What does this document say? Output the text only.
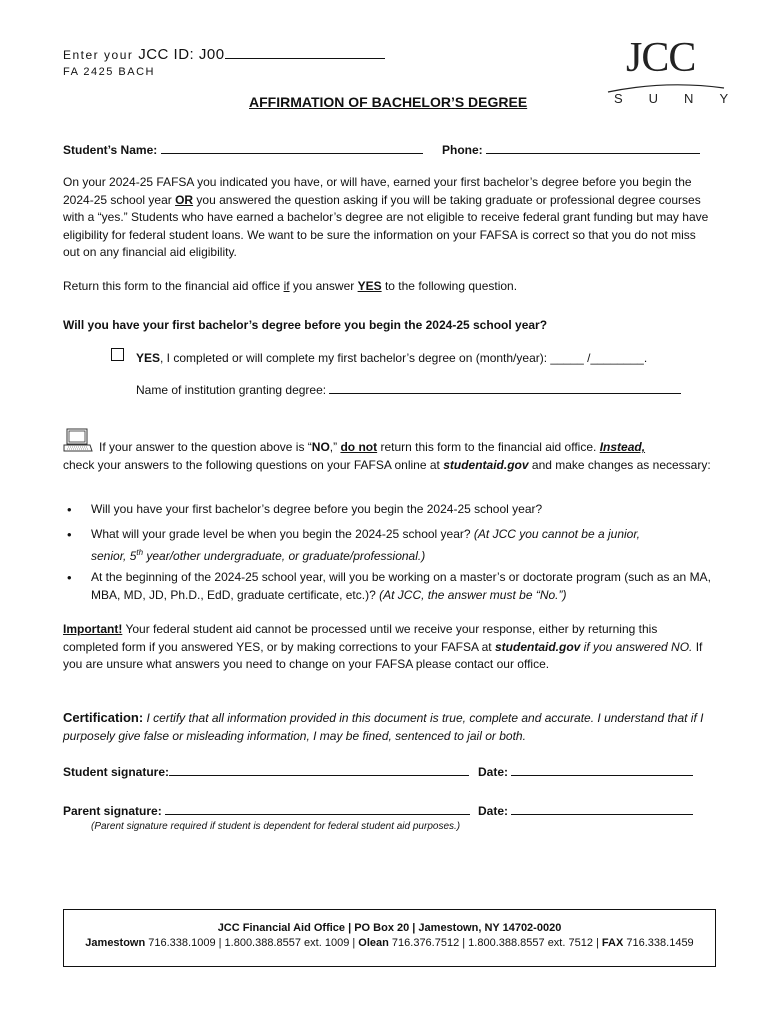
Enter your JCC ID: J00
FA 2425 BACH	JCC
SUNY
AFFIRMATION OF BACHELOR’S DEGREE
Student’s Name:	Phone:
On your 2024-25 FAFSA you indicated you have, or will have, earned your first bachelor’s degree before you begin the 2024-25 school year OR you answered the question asking if you will be taking graduate or professional degree courses with a “yes.” Students who have earned a bachelor’s degree are not eligible to receive federal grant funding but may have eligibility for federal student loans. We want to be sure the information on your FAFSA is correct so that you do not miss out on any financial aid eligibility.
Return this form to the financial aid office if you answer YES to the following question.
Will you have your first bachelor’s degree before you begin the 2024-25 school year?
YES, I completed or will complete my first bachelor’s degree on (month/year): _____ /________.
Name of institution granting degree:
If your answer to the question above is “NO,” do not return this form to the financial aid office. Instead,
check your answers to the following questions on your FAFSA online at studentaid.gov and make changes as necessary:
• Will you have your first bachelor’s degree before you begin the 2024-25 school year?
• What will your grade level be when you begin the 2024-25 school year? (At JCC you cannot be a junior,
senior, 5th year/other undergraduate, or graduate/professional.)
• At the beginning of the 2024-25 school year, will you be working on a master’s or doctorate program (such as an MA, MBA, MD, JD, Ph.D., EdD, graduate certificate, etc.)? (At JCC, the answer must be “No.”)
Important! Your federal student aid cannot be processed until we receive your response, either by returning this completed form if you answered YES, or by making corrections to your FAFSA at studentaid.gov if you answered NO. If you are unsure what answers you need to change on your FAFSA please contact our office.
Certification: I certify that all information provided in this document is true, complete and accurate. I understand that if I purposely give false or misleading information, I may be fined, sentenced to jail or both.
Student signature:	Date:
Parent signature:	Date:
(Parent signature required if student is dependent for federal student aid purposes.)
JCC Financial Aid Office | PO Box 20 | Jamestown, NY 14702-0020
Jamestown 716.338.1009 | 1.800.388.8557 ext. 1009 | Olean 716.376.7512 | 1.800.388.8557 ext. 7512 | FAX 716.338.1459
